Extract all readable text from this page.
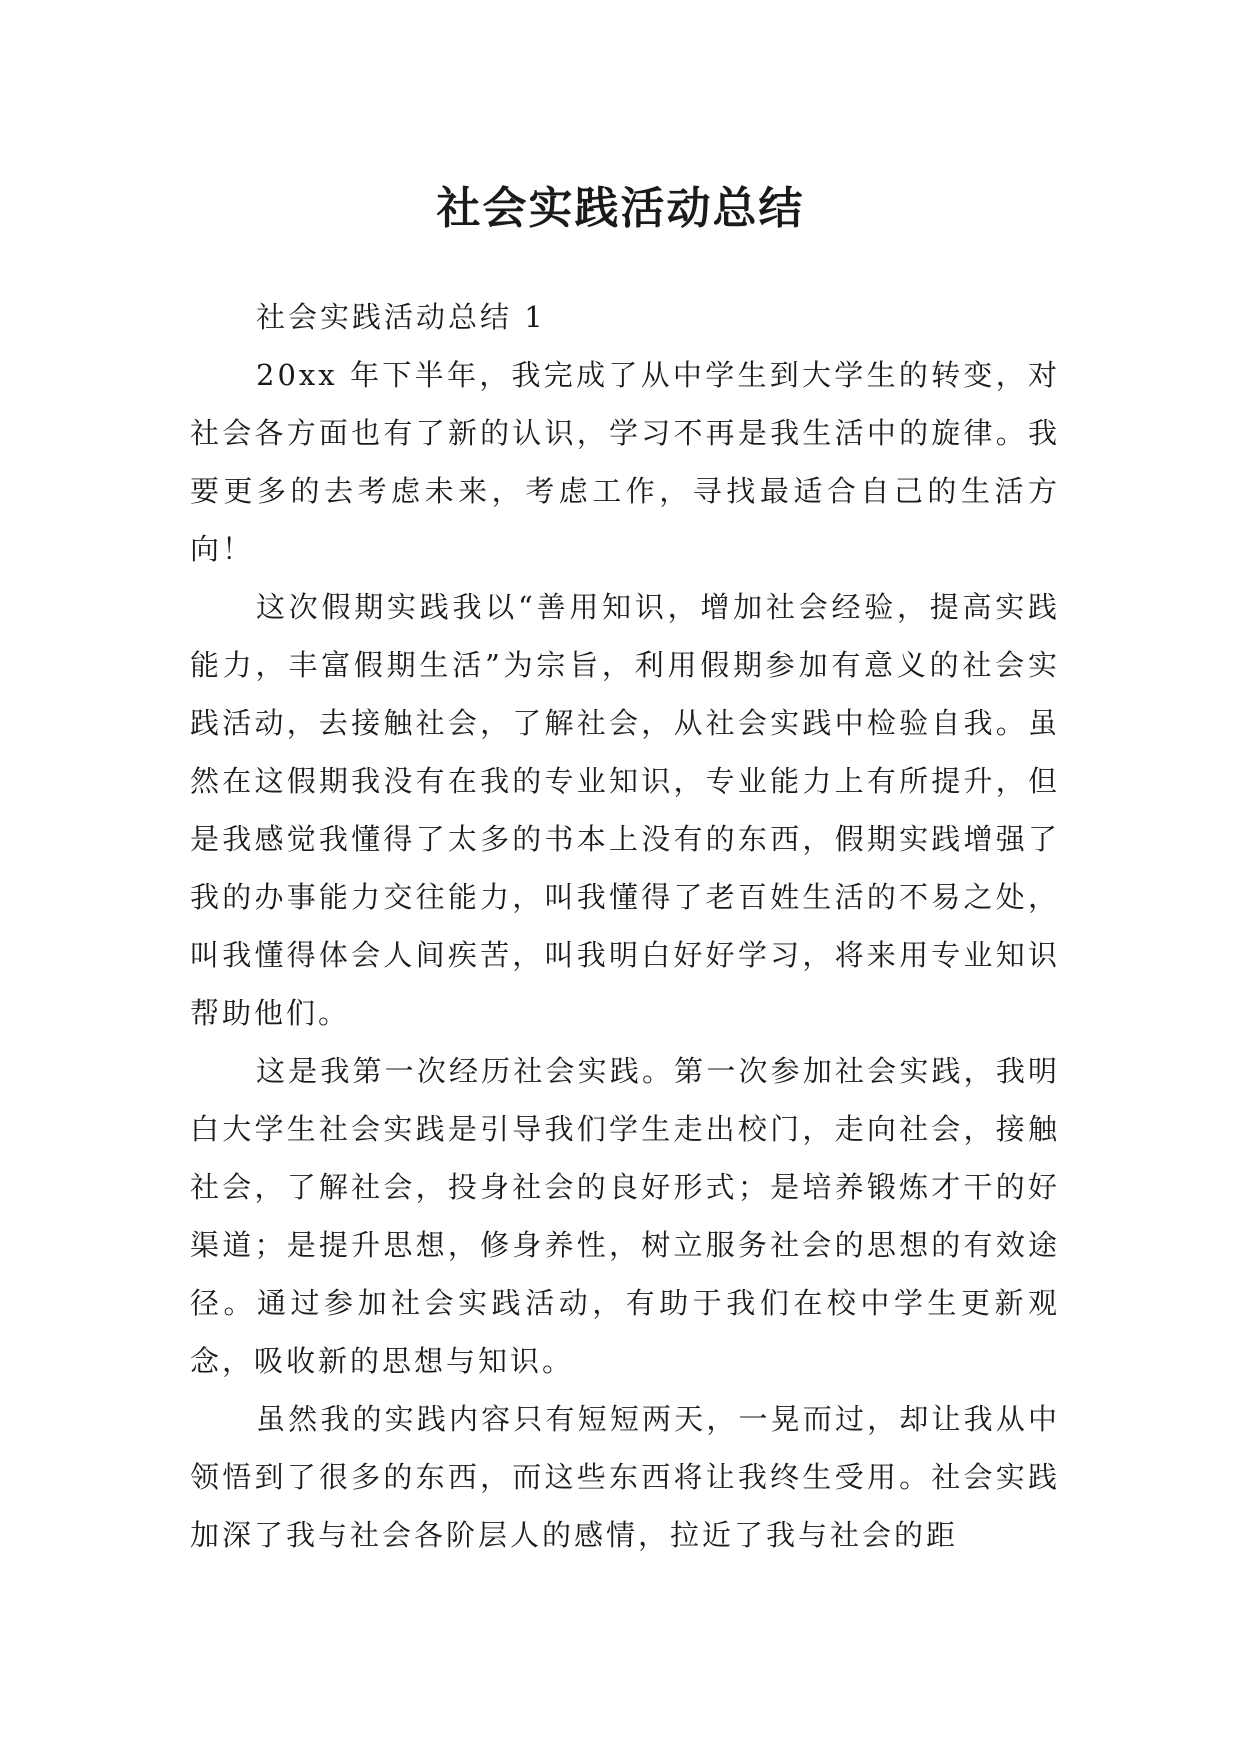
社会实践活动总结

社会实践活动总结 1

20xx 年下半年，我完成了从中学生到大学生的转变，对社会各方面也有了新的认识，学习不再是我生活中的旋律。我要更多的去考虑未来，考虑工作，寻找最适合自己的生活方向！

这次假期实践我以“善用知识，增加社会经验，提高实践能力，丰富假期生活”为宗旨，利用假期参加有意义的社会实践活动，去接触社会，了解社会，从社会实践中检验自我。虽然在这假期我没有在我的专业知识，专业能力上有所提升，但是我感觉我懂得了太多的书本上没有的东西，假期实践增强了我的办事能力交往能力，叫我懂得了老百姓生活的不易之处，叫我懂得体会人间疾苦，叫我明白好好学习，将来用专业知识帮助他们。

这是我第一次经历社会实践。第一次参加社会实践，我明白大学生社会实践是引导我们学生走出校门，走向社会，接触社会，了解社会，投身社会的良好形式；是培养锻炼才干的好渠道；是提升思想，修身养性，树立服务社会的思想的有效途径。通过参加社会实践活动，有助于我们在校中学生更新观念，吸收新的思想与知识。

虽然我的实践内容只有短短两天，一晃而过，却让我从中领悟到了很多的东西，而这些东西将让我终生受用。社会实践加深了我与社会各阶层人的感情，拉近了我与社会的距
